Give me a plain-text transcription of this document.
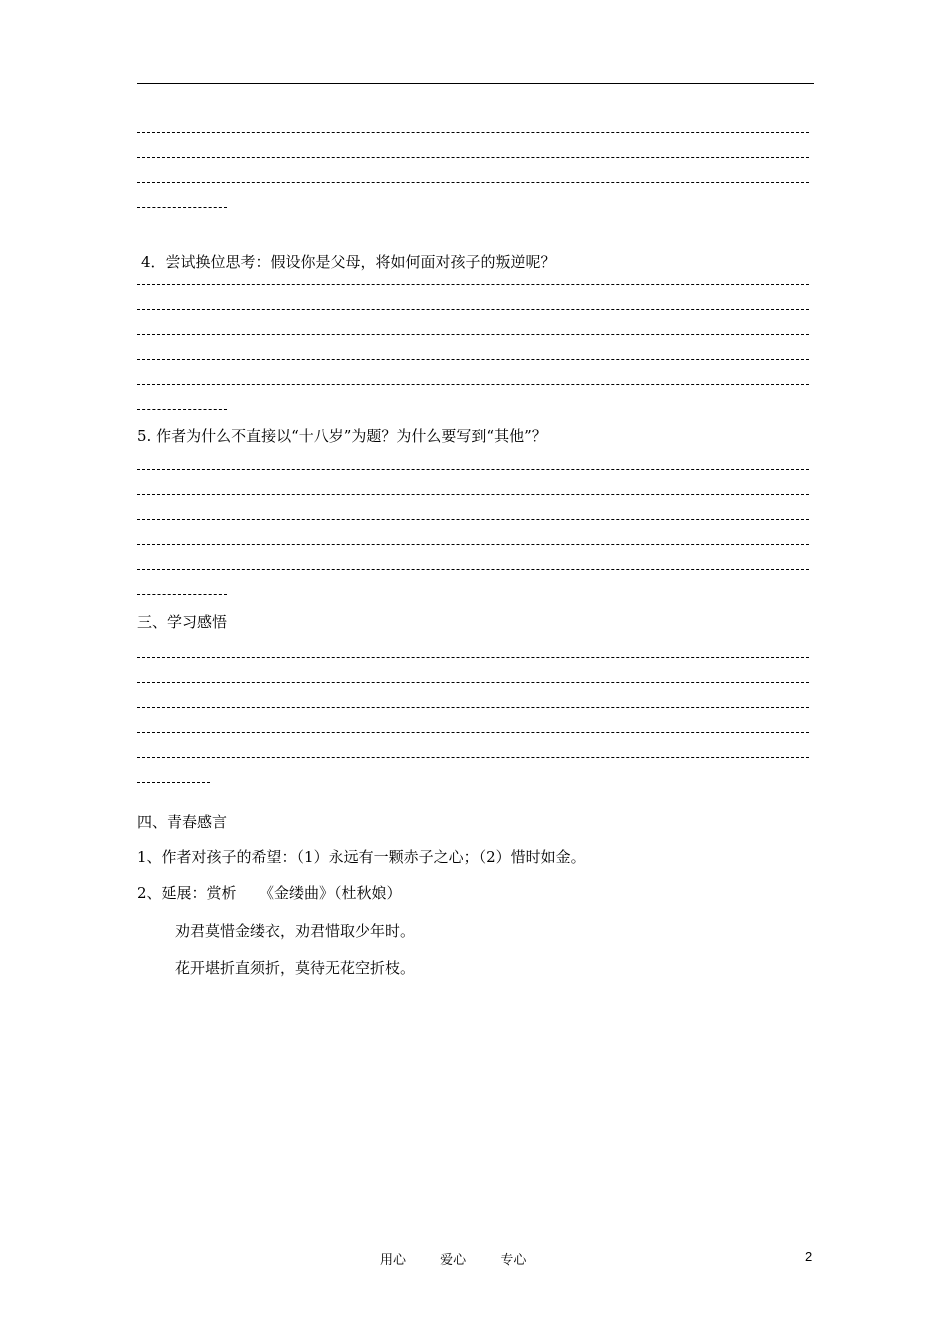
4．尝试换位思考：假设你是父母，将如何面对孩子的叛逆呢？
5. 作者为什么不直接以“十八岁”为题？为什么要写到“其他”？
三、学习感悟
四、青春感言
1、作者对孩子的希望：（1）永远有一颗赤子之心；（2）惜时如金。
2、延展：赏析　　《金缕曲》（杜秋娘）
劝君莫惜金缕衣，劝君惜取少年时。
花开堪折直须折，莫待无花空折枝。
用心	爱心	专心	2
